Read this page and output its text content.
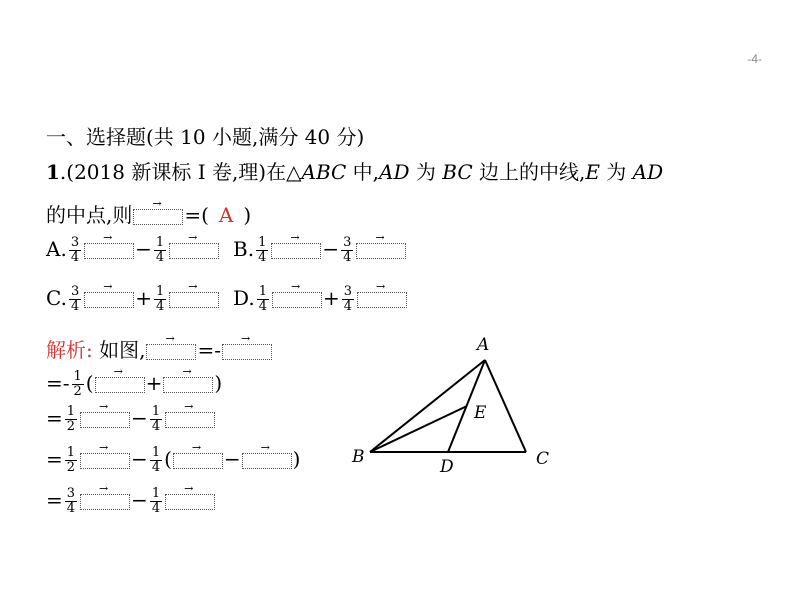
-4-
一、选择题(共 10 小题,满分 40 分)
1.(2018 新课标 Ⅰ 卷,理)在△ABC 中,AD 为 BC 边上的中线,E 为 AD
的中点,则 →	=( A )
A. $\frac{3}{4}$ →	− $\frac{1}{4}$ →	B. $\frac{1}{4}$ →	− $\frac{3}{4}$
→
C. $\frac{3}{4}$ →	+ $\frac{1}{4}$ →	D. $\frac{1}{4}$ →	+ $\frac{3}{4}$
→
解析: 如图, →	=-→
=- $\frac{1}{2}$ ( →	+ →	)
= $\frac{1}{2}$ →	− $\frac{1}{4}$
→
= $\frac{1}{2}$ →	− $\frac{1}{4}$ ( →	− →	)
= $\frac{3}{4}$ →	− $\frac{1}{4}$
→
A
B	C
D
E
